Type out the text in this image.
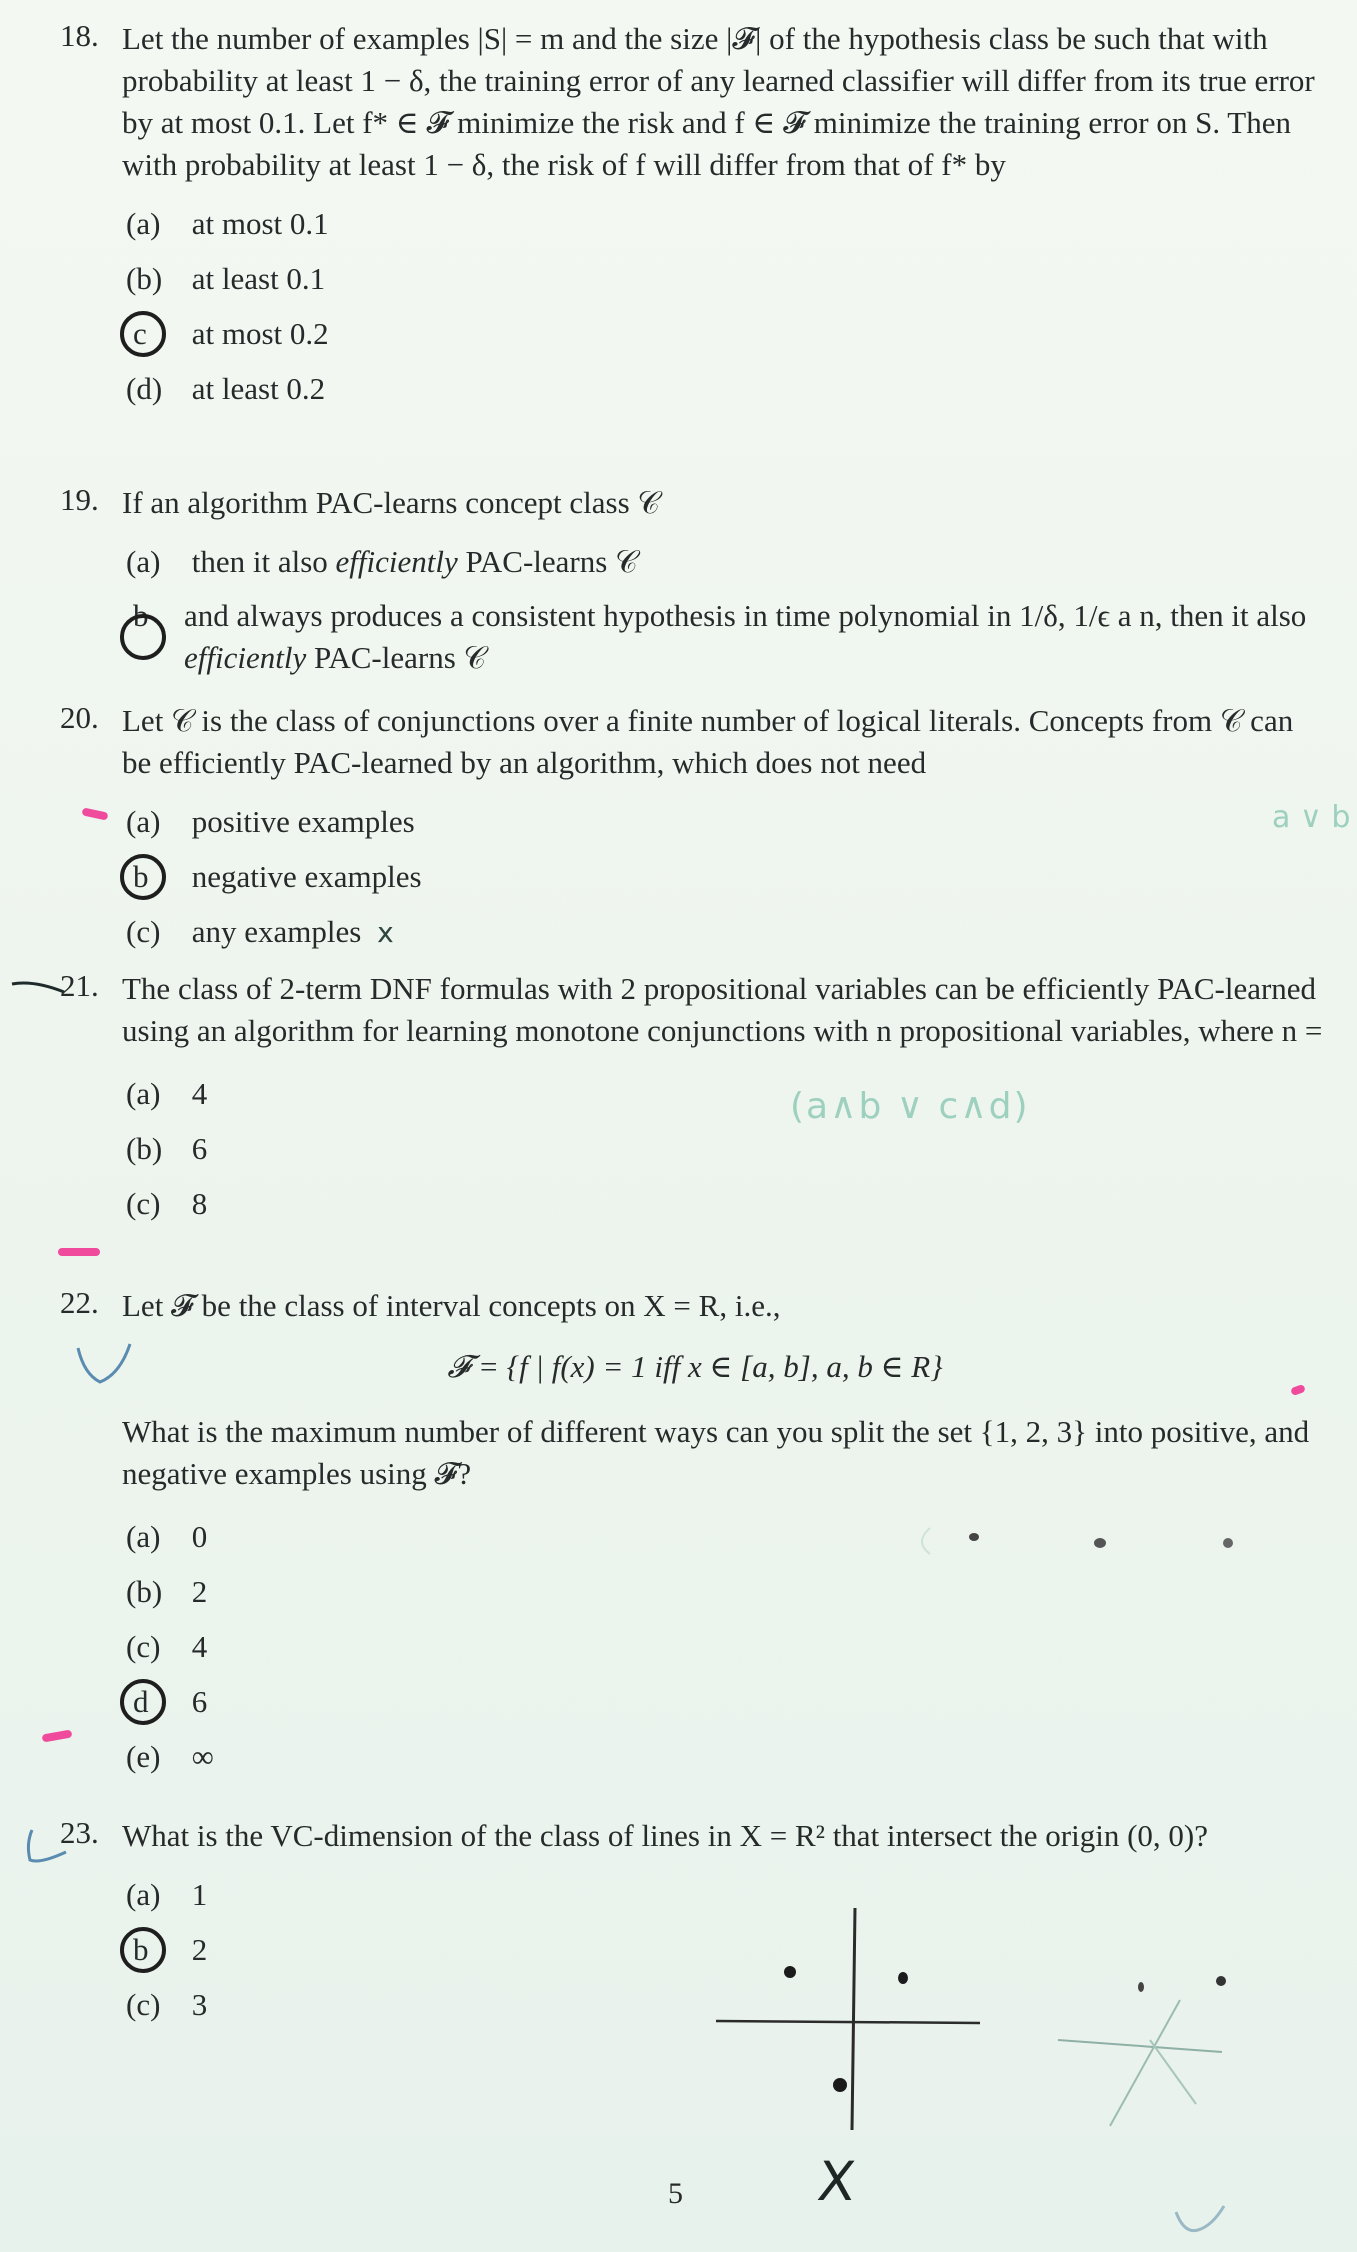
18. Let the number of examples |S| = m and the size |𝓕| of the hypothesis class be such that with probability at least 1 − δ, the training error of any learned classifier will differ from its true error by at most 0.1. Let f* ∈ 𝓕 minimize the risk and f ∈ 𝓕 minimize the training error on S. Then with probability at least 1 − δ, the risk of f will differ from that of f* by
(a) at most 0.1
(b) at least 0.1
c at most 0.2
(d) at least 0.2
19. If an algorithm PAC-learns concept class 𝒞
(a) then it also efficiently PAC-learns 𝒞
b	and always produces a consistent hypothesis in time polynomial in 1/δ, 1/ϵ a n, then it also efficiently PAC-learns 𝒞
20. Let 𝒞 is the class of conjunctions over a finite number of logical literals. Concepts from 𝒞 can be efficiently PAC-learned by an algorithm, which does not need
(a) positive examples
b negative examples
(c) any examples x
a ∨ b
21. The class of 2-term DNF formulas with 2 propositional variables can be efficiently PAC-learned using an algorithm for learning monotone conjunctions with n propositional variables, where n =
(a) 4
(b) 6
(c) 8
(a∧b ∨ c∧d)
22. Let 𝓕 be the class of interval concepts on X = R, i.e.,
𝓕 = {f | f(x) = 1 iff x ∈ [a, b], a, b ∈ R}
What is the maximum number of different ways can you split the set {1, 2, 3} into positive, and negative examples using 𝓕?
(a) 0
(b) 2
(c) 4
d 6
(e) ∞
23. What is the VC-dimension of the class of lines in X = R² that intersect the origin (0, 0)?
(a) 1
b 2
(c) 3
X
5
